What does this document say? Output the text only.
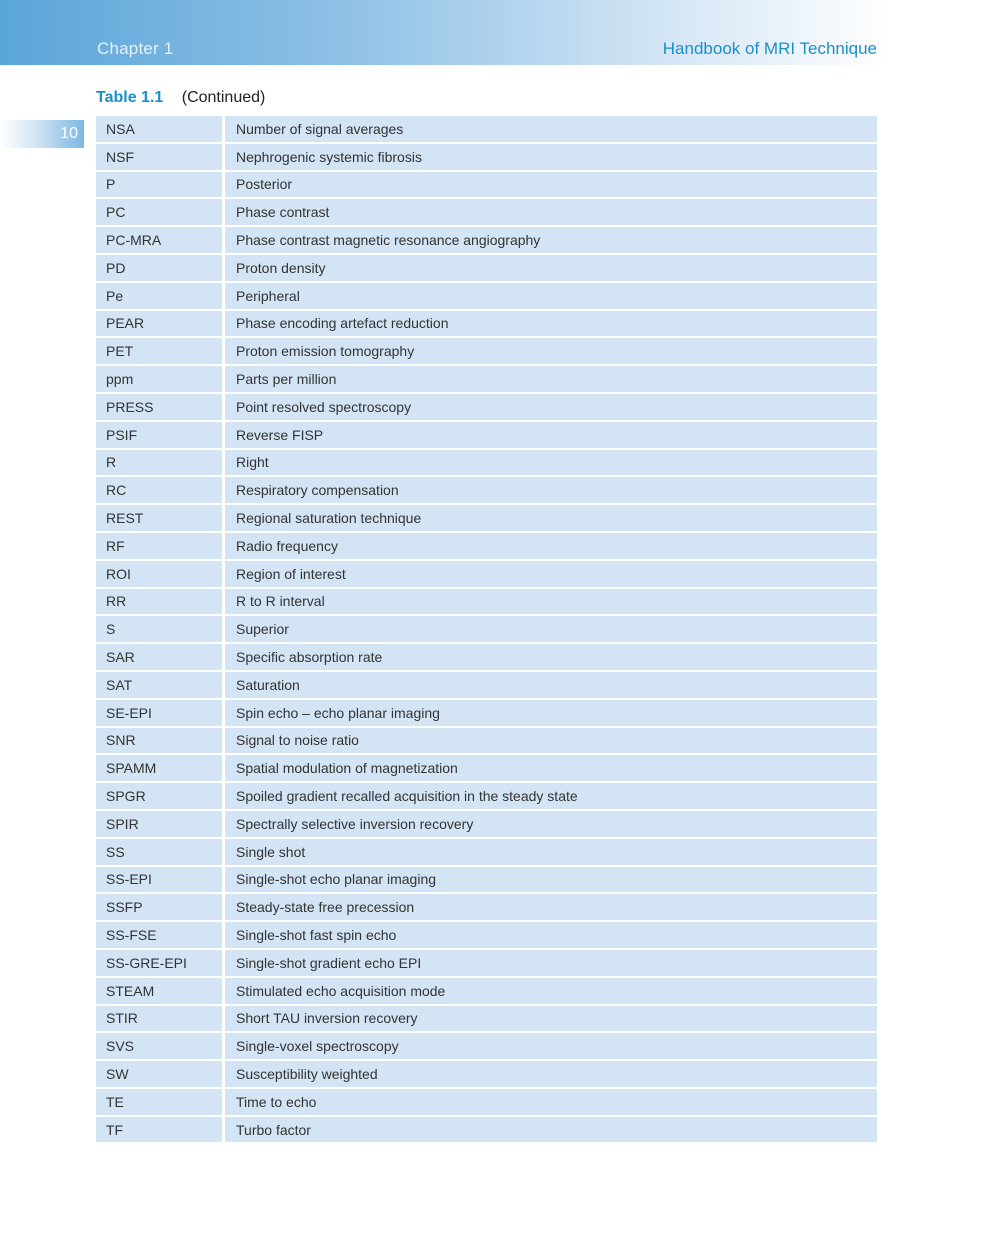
Chapter 1	Handbook of MRI Technique
10
Table 1.1 (Continued)
NSA	Number of signal averages
NSF	Nephrogenic systemic fibrosis
P	Posterior
PC	Phase contrast
PC-MRA	Phase contrast magnetic resonance angiography
PD	Proton density
Pe	Peripheral
PEAR	Phase encoding artefact reduction
PET	Proton emission tomography
ppm	Parts per million
PRESS	Point resolved spectroscopy
PSIF	Reverse FISP
R	Right
RC	Respiratory compensation
REST	Regional saturation technique
RF	Radio frequency
ROI	Region of interest
RR	R to R interval
S	Superior
SAR	Specific absorption rate
SAT	Saturation
SE-EPI	Spin echo – echo planar imaging
SNR	Signal to noise ratio
SPAMM	Spatial modulation of magnetization
SPGR	Spoiled gradient recalled acquisition in the steady state
SPIR	Spectrally selective inversion recovery
SS	Single shot
SS-EPI	Single-shot echo planar imaging
SSFP	Steady-state free precession
SS-FSE	Single-shot fast spin echo
SS-GRE-EPI	Single-shot gradient echo EPI
STEAM	Stimulated echo acquisition mode
STIR	Short TAU inversion recovery
SVS	Single-voxel spectroscopy
SW	Susceptibility weighted
TE	Time to echo
TF	Turbo factor
